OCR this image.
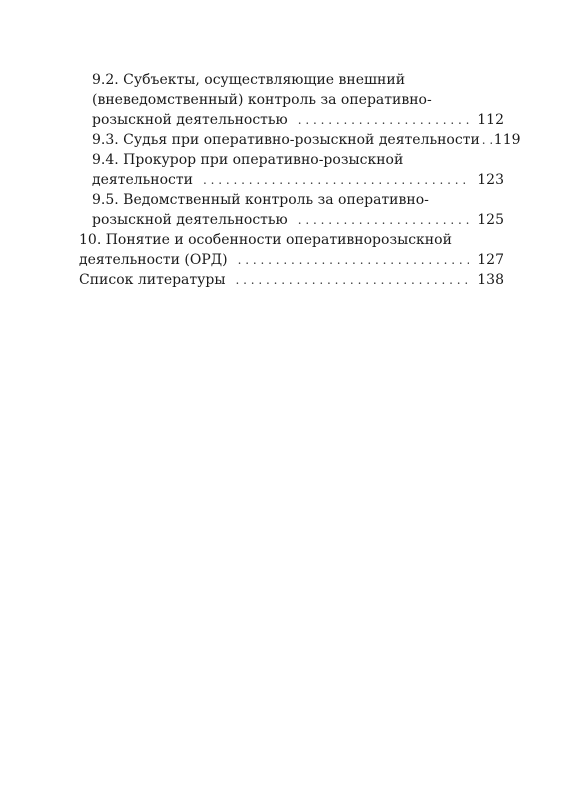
9.2. Субъекты, осуществляющие внешний
(вневедомственный) контроль за оперативно-
розыскной деятельностью . . .	112
9.3. Судья при оперативно-розыскной деятельности . . . 119
9.4. Прокурор при оперативно-розыскной
деятельности . . .	123
9.5. Ведомственный контроль за оперативно-
розыскной деятельностью . . .	125
10. Понятие и особенности оперативнорозыскной
деятельности (ОРД) . . .	127
Список литературы . . .	138
